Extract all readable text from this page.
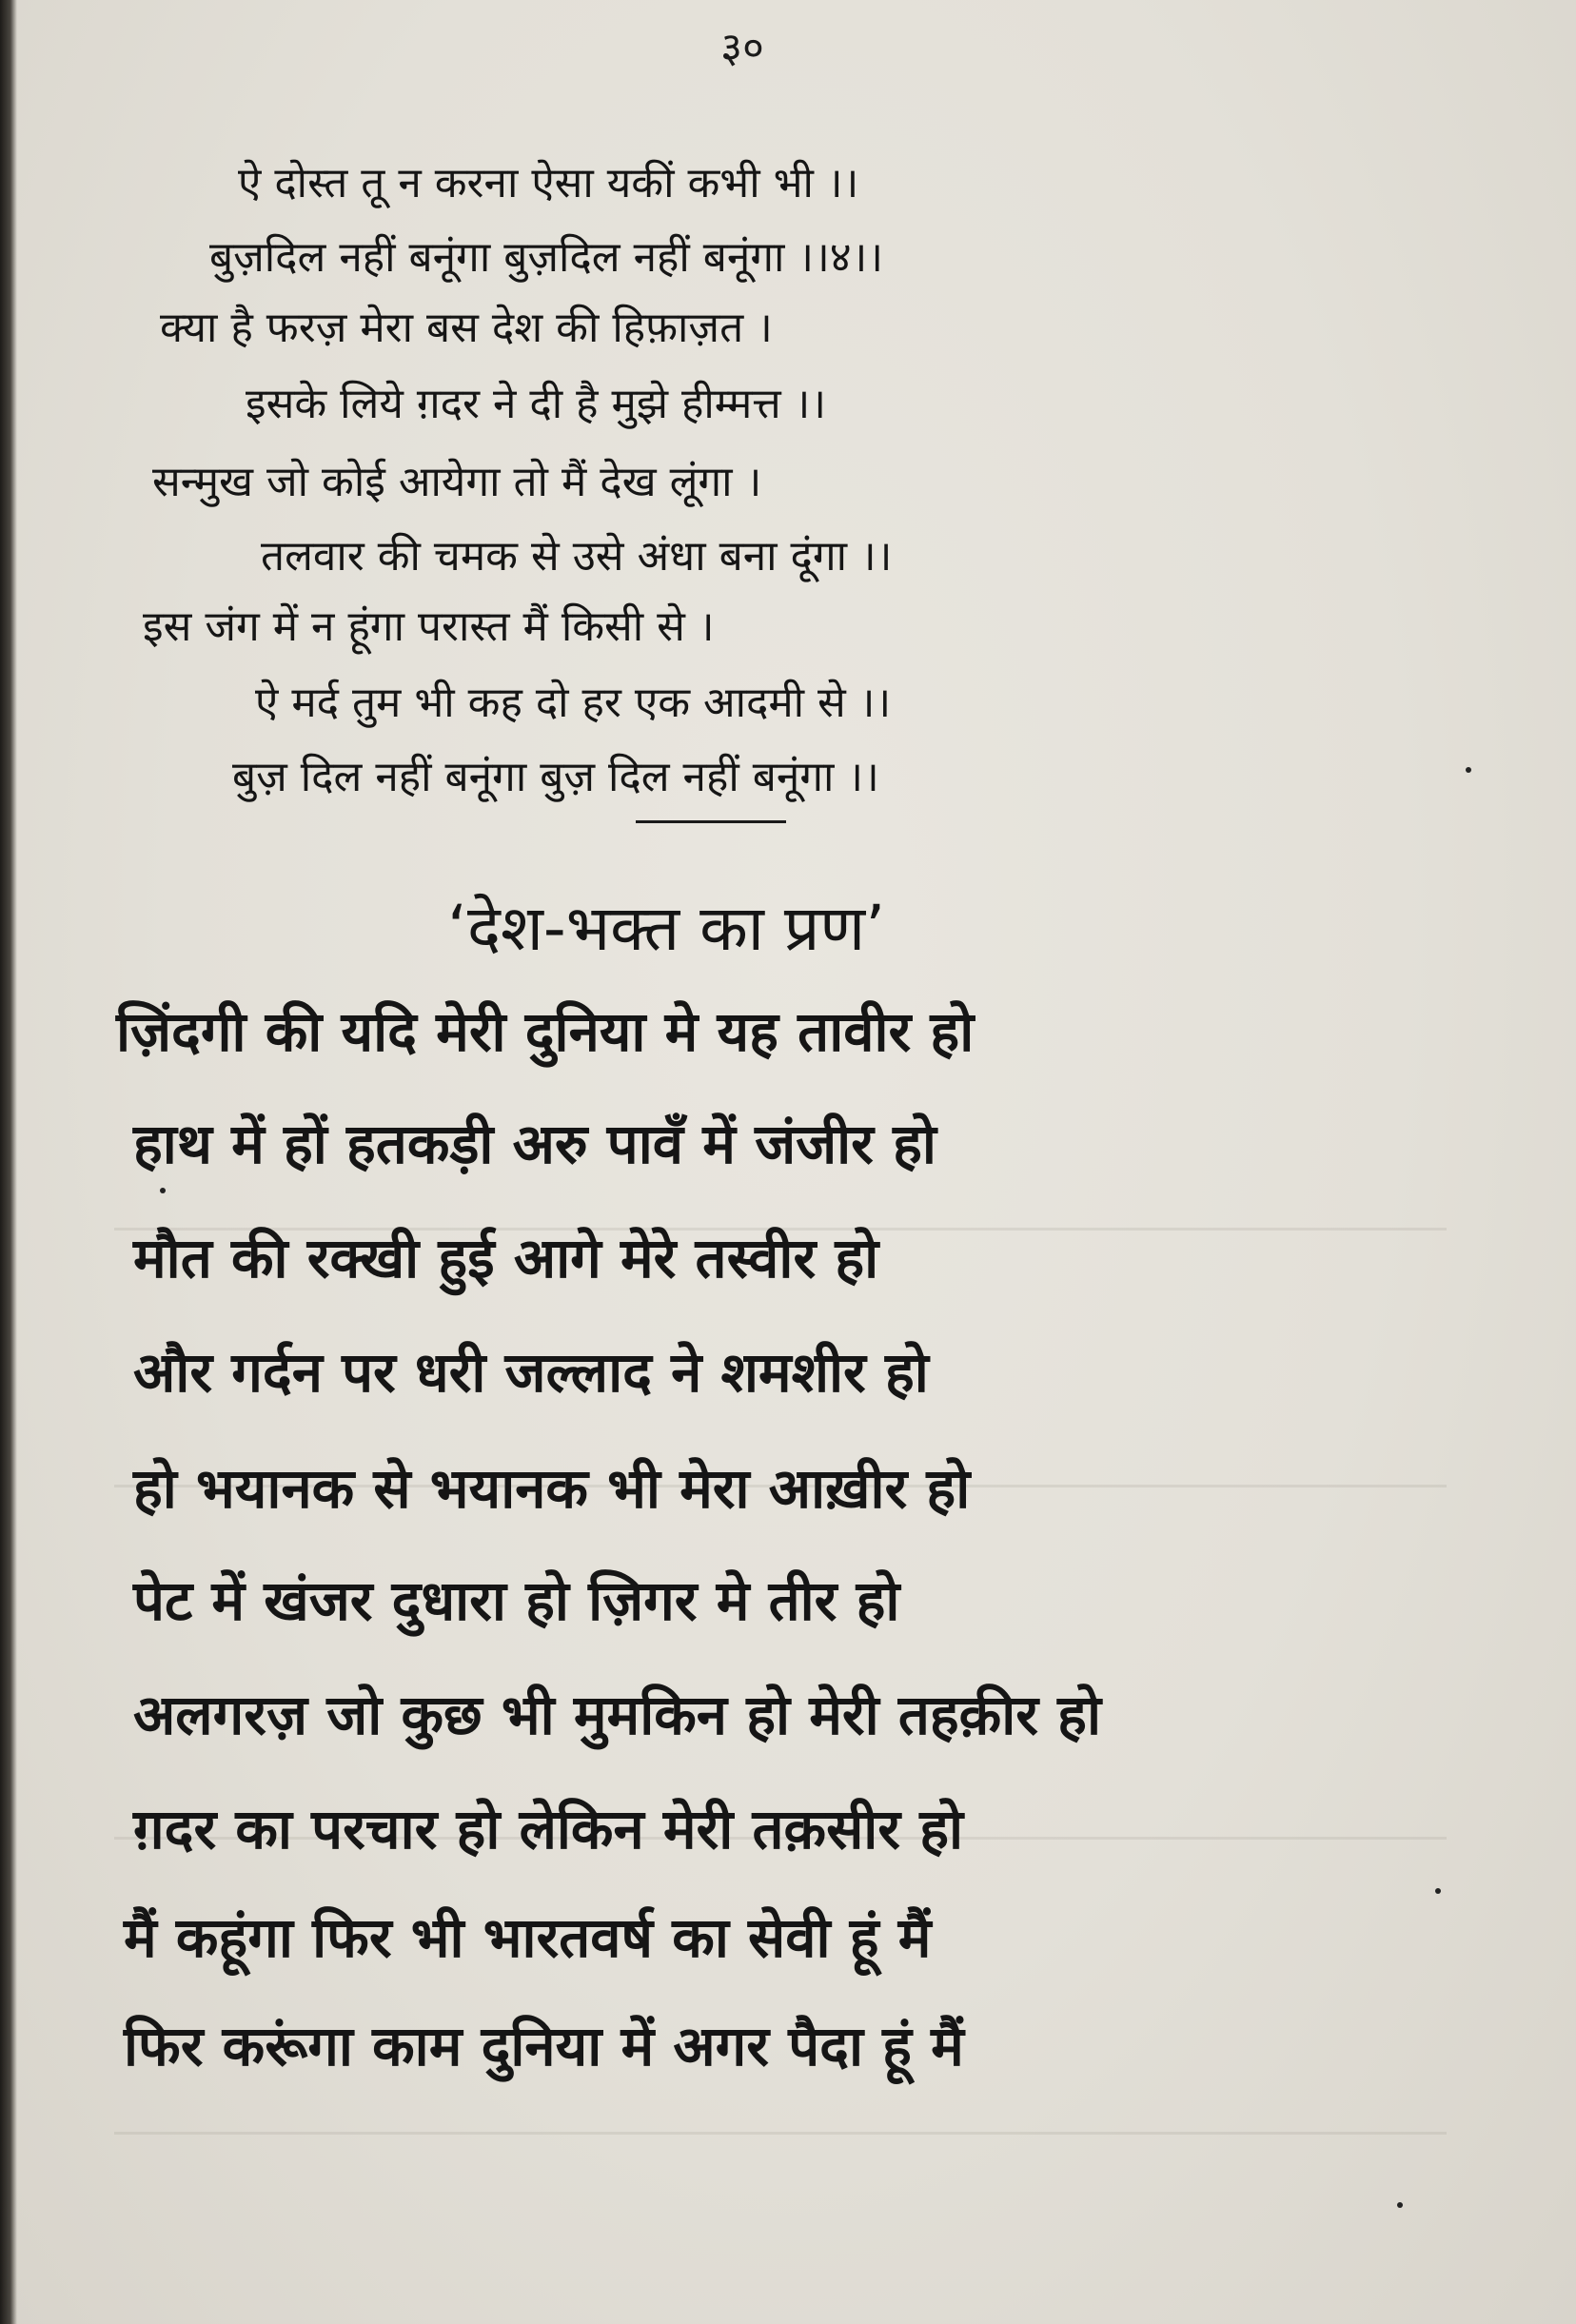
३०

ऐ दोस्त तू न करना ऐसा यकीं कभी भी ।।

बुज़दिल नहीं बनूंगा बुज़दिल नहीं बनूंगा ।।४।।

क्या है फरज़ मेरा बस देश की हिफ़ाज़त ।

इसके लिये ग़दर ने दी है मुझे हीम्मत्त ।।

सन्मुख जो कोई आयेगा तो मैं देख लूंगा ।

तलवार की चमक से उसे अंधा बना दूंगा ।।

इस जंग में न हूंगा परास्त मैं किसी से ।

ऐ मर्द तुम भी कह दो हर एक आदमी से ।।

बुज़ दिल नहीं बनूंगा बुज़ दिल नहीं बनूंगा ।।

‘देश-भक्त का प्रण’

ज़िंदगी की यदि मेरी दुनिया मे यह तावीर हो

हाथ में हों हतकड़ी अरु पावँ में जंजीर हो

मौत की रक्खी हुई आगे मेरे तस्वीर हो

और गर्दन पर धरी जल्लाद ने शमशीर हो

हो भयानक से भयानक भी मेरा आख़ीर हो

पेट में खंजर दुधारा हो ज़िगर मे तीर हो

अलगरज़ जो कुछ भी मुमकिन हो मेरी तहक़ीर हो

ग़दर का परचार हो लेकिन मेरी तक़सीर हो

मैं कहूंगा फिर भी भारतवर्ष का सेवी हूं मैं

फिर करूंगा काम दुनिया में अगर पैदा हूं मैं
